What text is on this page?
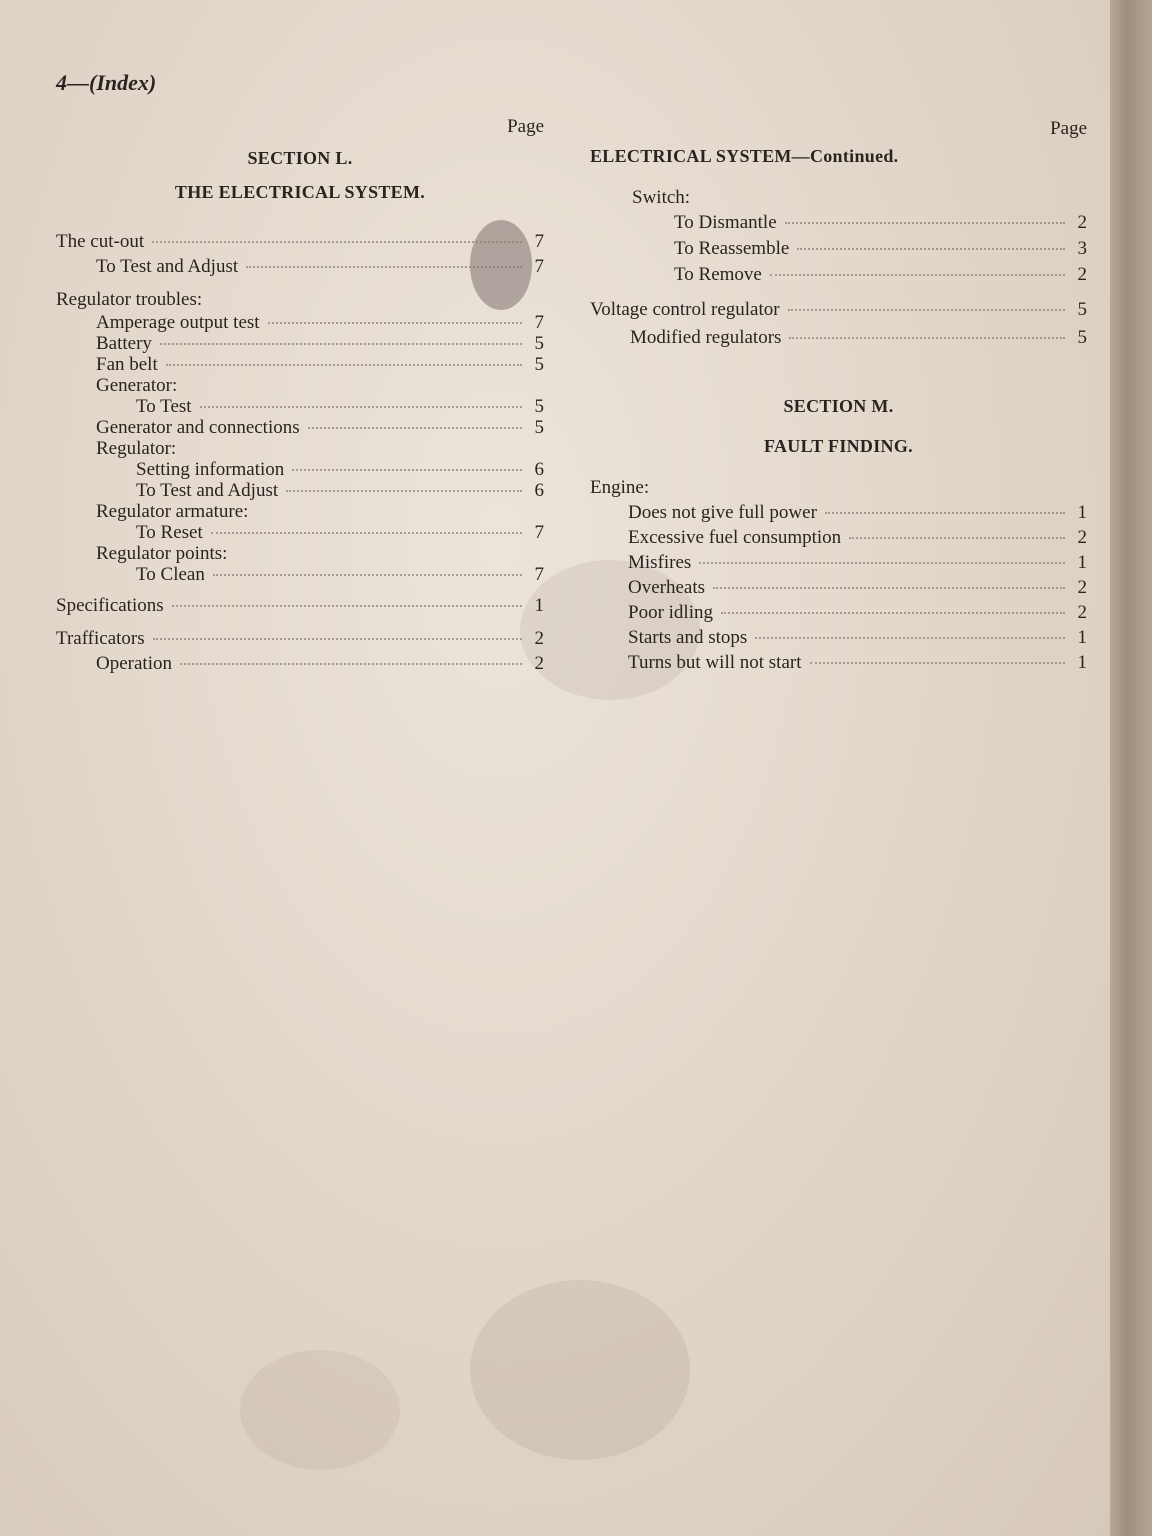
4—(Index)
Page
SECTION L.
THE ELECTRICAL SYSTEM.
The cut-out	7
To Test and Adjust	7
Regulator troubles:
Amperage output test	7
Battery	5
Fan belt	5
Generator:
To Test	5
Generator and connections	5
Regulator:
Setting information	6
To Test and Adjust	6
Regulator armature:
To Reset	7
Regulator points:
To Clean	7
Specifications	1
Trafficators	2
Operation	2
Page
ELECTRICAL SYSTEM—Continued.
Switch:
To Dismantle	2
To Reassemble	3
To Remove	2
Voltage control regulator	5
Modified regulators	5
SECTION M.
FAULT FINDING.
Engine:
Does not give full power	1
Excessive fuel consumption	2
Misfires	1
Overheats	2
Poor idling	2
Starts and stops	1
Turns but will not start	1
